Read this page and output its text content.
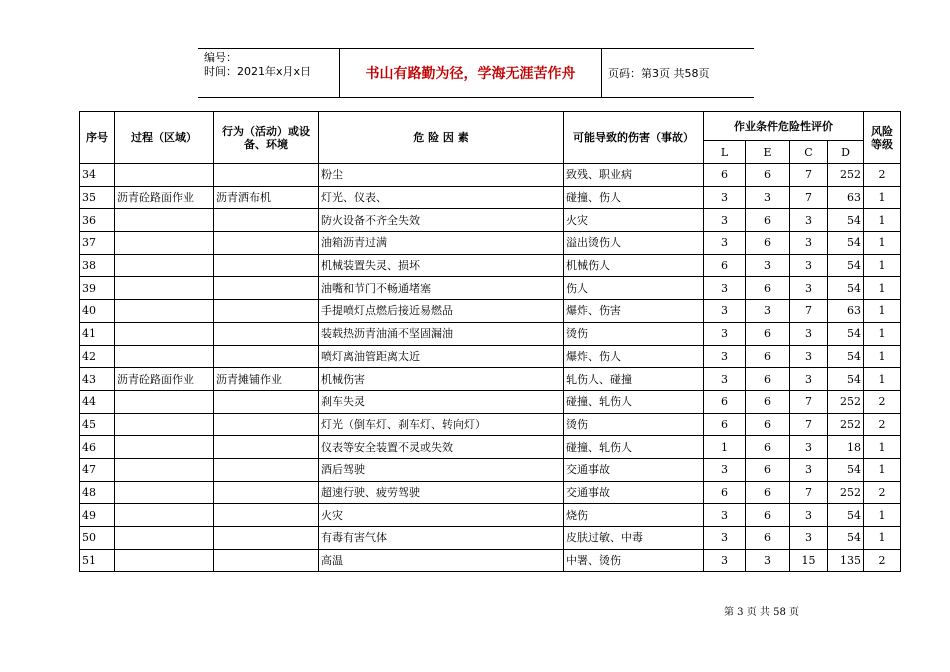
编号：
时间：2021年x月x日	书山有路勤为径，学海无涯苦作舟	页码：第3页 共58页
序号	过程（区域）	行为（活动）或设备、环境	危 险 因 素	可能导致的伤害（事故）	作业条件危险性评价				风险等级
					L	E	C	D	
34			粉尘	致残、职业病	6	6	7	252	2
35	沥青砼路面作业	沥青洒布机	灯光、仪表、	碰撞、伤人	3	3	7	63	1
36			防火设备不齐全失效	火灾	3	6	3	54	1
37			油箱沥青过满	溢出烫伤人	3	6	3	54	1
38			机械装置失灵、损坏	机械伤人	6	3	3	54	1
39			油嘴和节门不畅通堵塞	伤人	3	6	3	54	1
40			手提喷灯点燃后接近易燃品	爆炸、伤害	3	3	7	63	1
41			装载热沥青油涌不坚固漏油	烫伤	3	6	3	54	1
42			喷灯离油管距离太近	爆炸、伤人	3	6	3	54	1
43	沥青砼路面作业	沥青摊铺作业	机械伤害	轧伤人、碰撞	3	6	3	54	1
44			刹车失灵	碰撞、轧伤人	6	6	7	252	2
45			灯光（倒车灯、刹车灯、转向灯）	烫伤	6	6	7	252	2
46			仪表等安全装置不灵或失效	碰撞、轧伤人	1	6	3	18	1
47			酒后驾驶	交通事故	3	6	3	54	1
48			超速行驶、疲劳驾驶	交通事故	6	6	7	252	2
49			火灾	烧伤	3	6	3	54	1
50			有毒有害气体	皮肤过敏、中毒	3	6	3	54	1
51			高温	中署、烫伤	3	3	15	135	2
第 3 页 共 58 页
